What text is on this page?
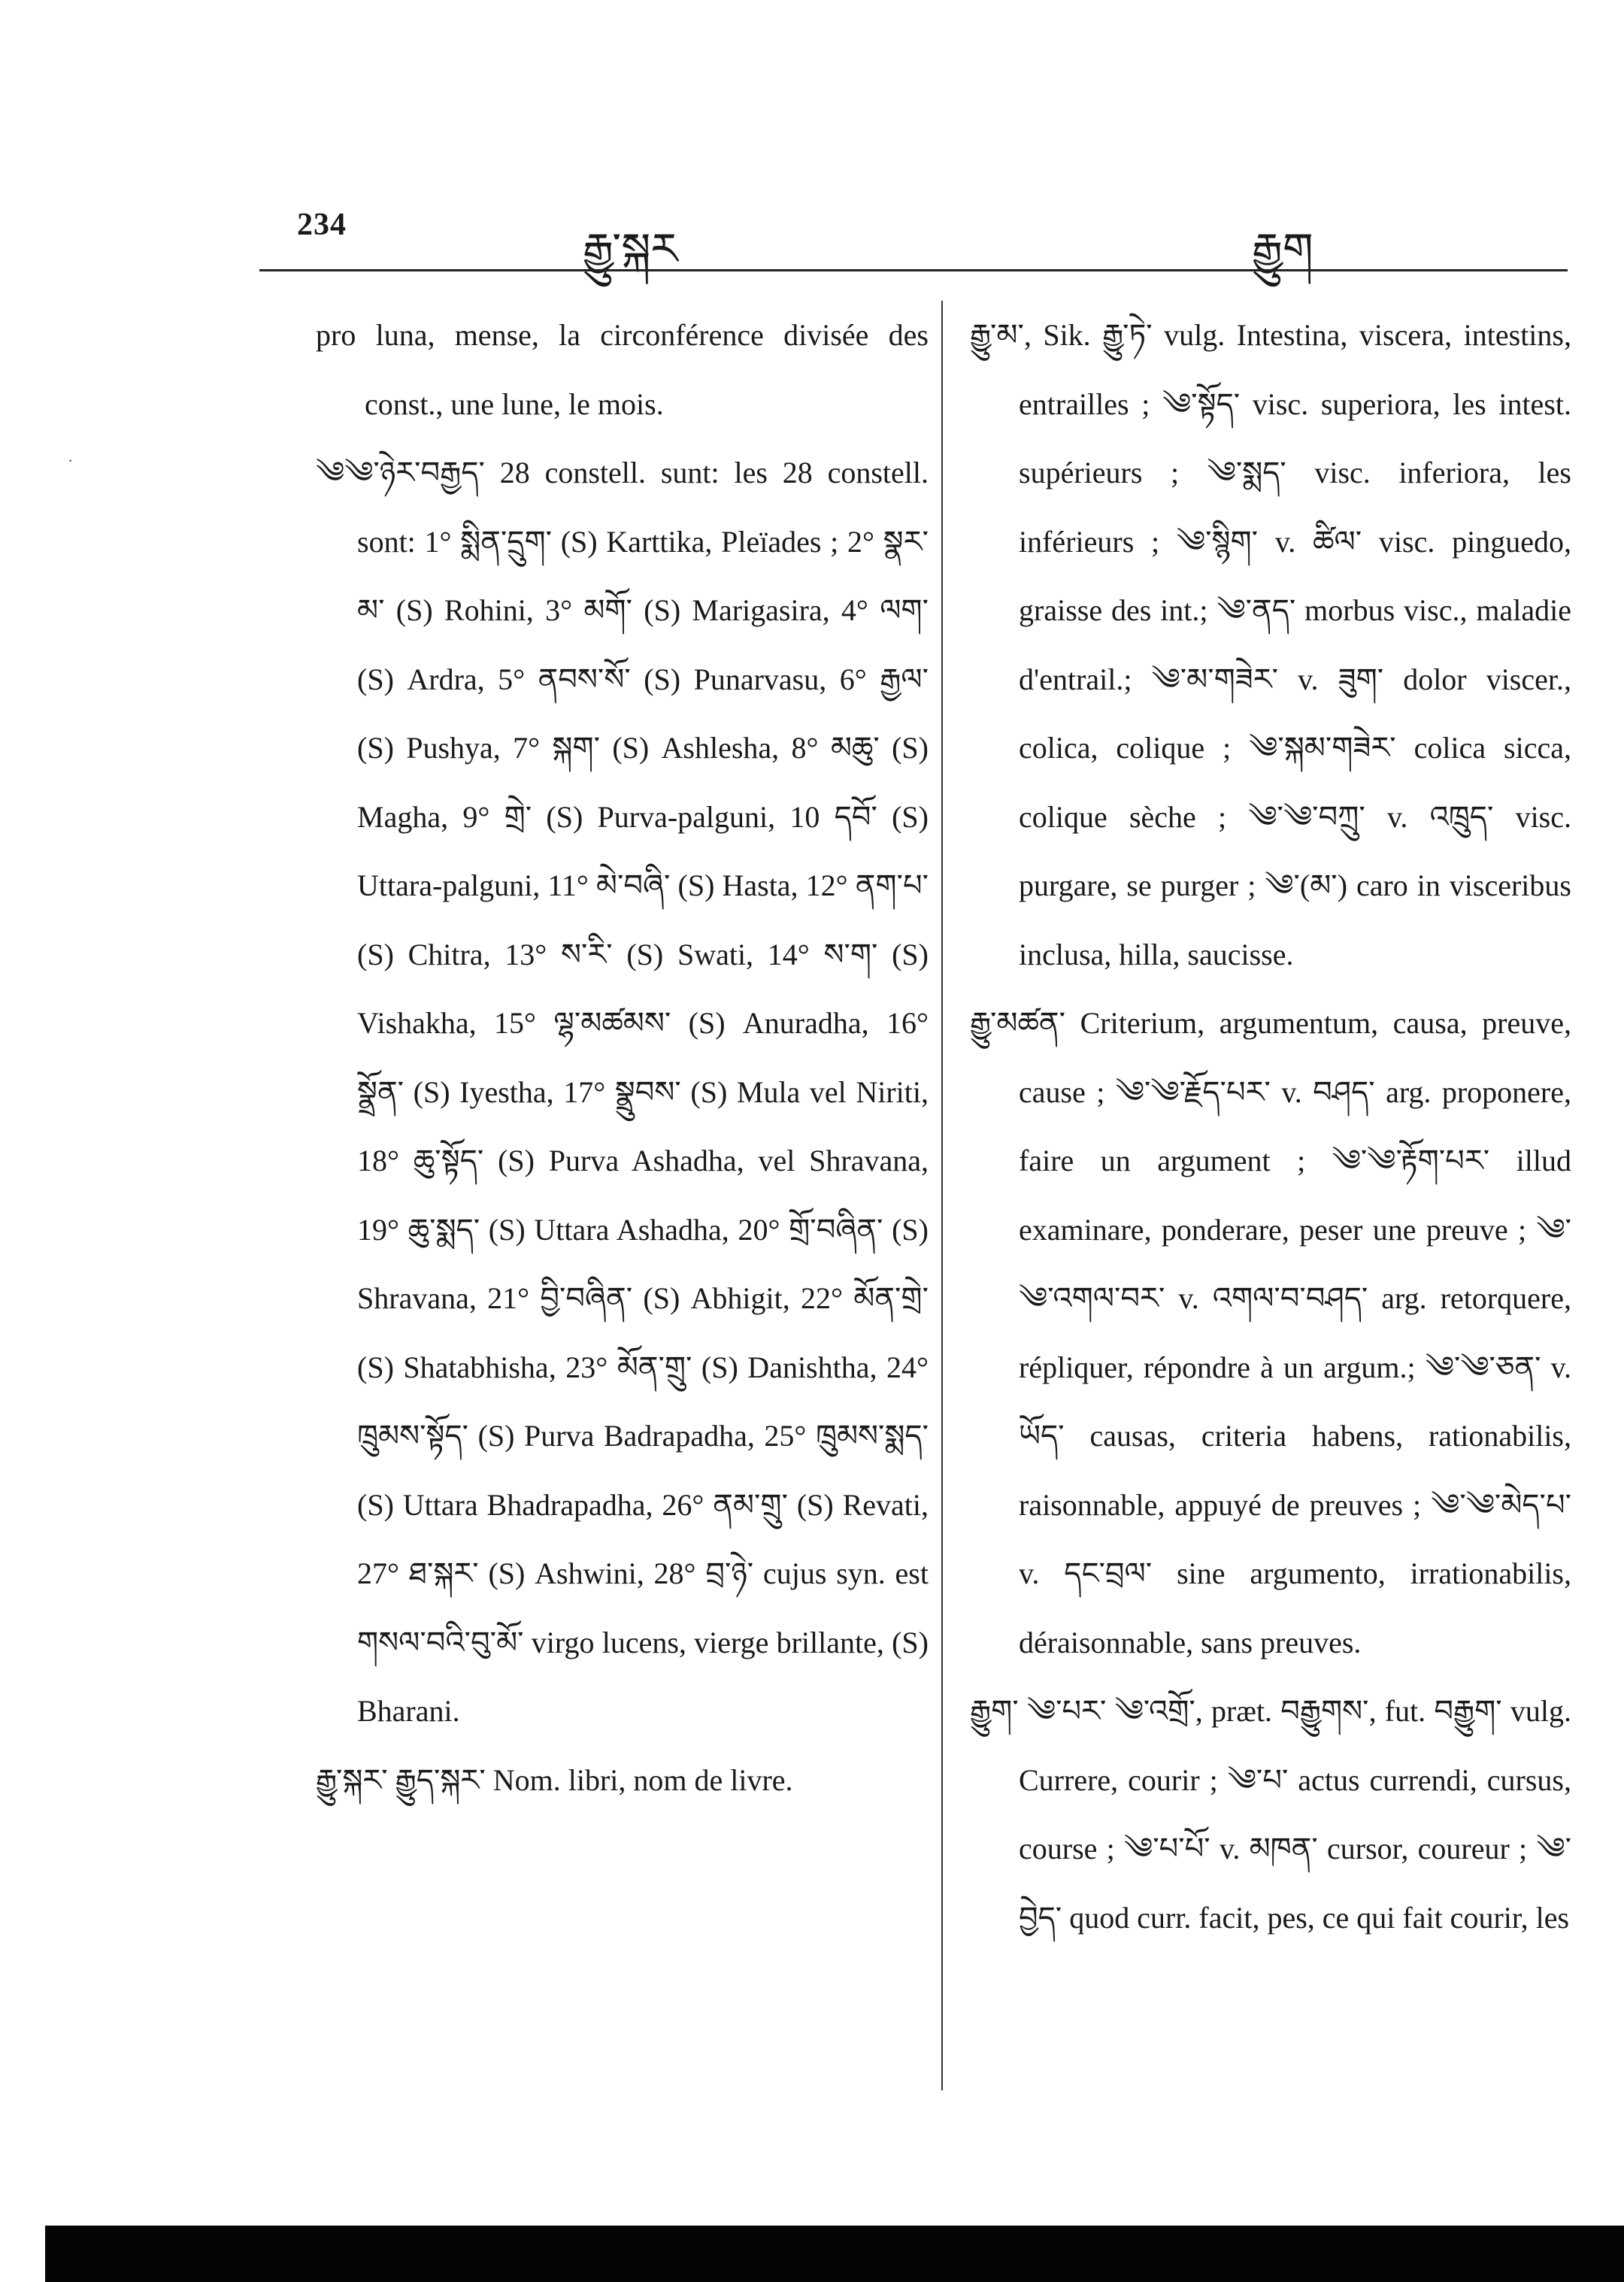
234	རྒྱུ་སྐར	རྒྱུག
·

pro luna, mense, la circonférence divisée des const., une lune, le mois.

༄༄་ཉེར་བརྒྱད་ 28 constell. sunt: les 28 constell. sont: 1° སྨིན་དྲུག་ (S) Karttika, Pleïades ; 2° སྣར་མ་ (S) Rohini, 3° མགོ་ (S) Marigasira, 4° ལག་ (S) Ardra, 5° ནབས་སོ་ (S) Punarvasu, 6° རྒྱལ་ (S) Pushya, 7° སྐག་ (S) Ashlesha, 8° མཆུ་ (S) Magha, 9° གྲེ་ (S) Purva-palguni, 10 དབོ་ (S) Uttara-palguni, 11° མེ་བཞི་ (S) Hasta, 12° ནག་པ་ (S) Chitra, 13° ས་རི་ (S) Swati, 14° ས་ག་ (S) Vishakha, 15° ལྷ་མཚམས་ (S) Anuradha, 16° སྣྲོན་ (S) Iyestha, 17° སྣྲུབས་ (S) Mula vel Niriti, 18° ཆུ་སྟོད་ (S) Purva Ashadha, vel Shravana, 19° ཆུ་སྨད་ (S) Uttara Ashadha, 20° གྲོ་བཞིན་ (S) Shravana, 21° བྱི་བཞིན་ (S) Abhigit, 22° མོན་གྲེ་ (S) Shatabhisha, 23° མོན་གྲུ་ (S) Danishtha, 24° ཁྲུམས་སྟོད་ (S) Purva Badrapadha, 25° ཁྲུམས་སྨད་ (S) Uttara Bhadrapadha, 26° ནམ་གྲུ་ (S) Revati, 27° ཐ་སྐར་ (S) Ashwini, 28° བྲ་ཉེ་ cujus syn. est གསལ་བའི་བུ་མོ་ virgo lucens, vierge brillante, (S) Bharani.

རྒྱུ་སྐར་ རྒྱུད་སྐར་ Nom. libri, nom de livre.

རྒྱུ་མ་, Sik. རྒྱུ་ཏེ་ vulg. Intestina, viscera, intestins, entrailles ; ༄་སྟོད་ visc. superiora, les intest. supérieurs ; ༄་སྨད་ visc. inferiora, les inférieurs ; ༄་སྙིག་ v. ཚིལ་ visc. pinguedo, graisse des int.; ༄་ནད་ morbus visc., maladie d'entrail.; ༄་མ་གཟེར་ v. ཟུག་ dolor viscer., colica, colique ; ༄་སྐམ་གཟེར་ colica sicca, colique sèche ; ༄་༄་བཀྲུ་ v. འཁྲུད་ visc. purgare, se purger ; ༄་(མ་) caro in visceribus inclusa, hilla, saucisse.

རྒྱུ་མཚན་ Criterium, argumentum, causa, preuve, cause ; ༄་༄་རྗོད་པར་ v. བཤད་ arg. proponere, faire un argument ; ༄་༄་རྟོག་པར་ illud examinare, ponderare, peser une preuve ; ༄་༄་འགལ་བར་ v. འགལ་བ་བཤད་ arg. retorquere, répliquer, répondre à un argum.; ༄་༄་ཅན་ v. ཡོད་ causas, criteria habens, rationabilis, raisonnable, appuyé de preuves ; ༄་༄་མེད་པ་ v. དང་བྲལ་ sine argumento, irrationabilis, déraisonnable, sans preuves.

རྒྱུག་ ༄་པར་ ༄་འགྲོ་, præt. བརྒྱུགས་, fut. བརྒྱུག་ vulg. Currere, courir ; ༄་པ་ actus currendi, cursus, course ; ༄་པ་པོ་ v. མཁན་ cursor, coureur ; ༄་བྱེད་ quod curr. facit, pes, ce qui fait courir, les
